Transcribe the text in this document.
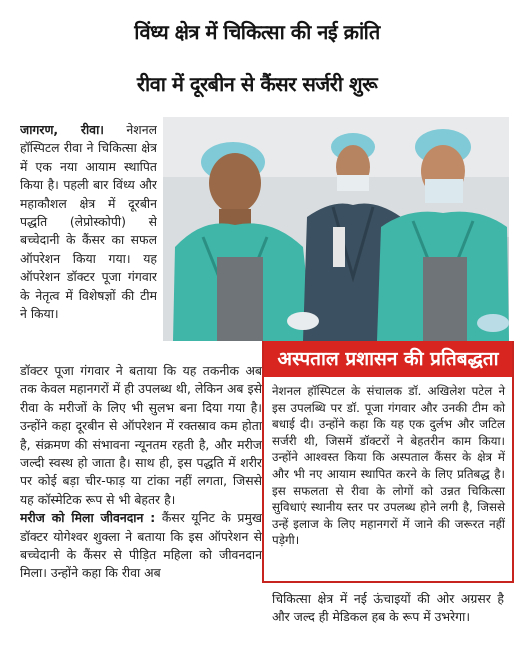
विंध्य क्षेत्र में चिकित्सा की नई क्रांति
रीवा में दूरबीन से कैंसर सर्जरी शुरू

जागरण, रीवा। नेशनल हॉस्पिटल रीवा ने चिकित्सा क्षेत्र में एक नया आयाम स्थापित किया है। पहली बार विंध्य और महाकौशल क्षेत्र में दूरबीन पद्धति (लेप्रोस्कोपी) से बच्चेदानी के कैंसर का सफल ऑपरेशन किया गया। यह ऑपरेशन डॉक्टर पूजा गंगवार के नेतृत्व में विशेषज्ञों की टीम ने किया।

अस्पताल प्रशासन की प्रतिबद्धता
नेशनल हॉस्पिटल के संचालक डॉ. अखिलेश पटेल ने इस उपलब्धि पर डॉ. पूजा गंगवार और उनकी टीम को बधाई दी। उन्होंने कहा कि यह एक दुर्लभ और जटिल सर्जरी थी, जिसमें डॉक्टरों ने बेहतरीन काम किया। उन्होंने आश्वस्त किया कि अस्पताल कैंसर के क्षेत्र में और भी नए आयाम स्थापित करने के लिए प्रतिबद्ध है। इस सफलता से रीवा के लोगों को उन्नत चिकित्सा सुविधाएं स्थानीय स्तर पर उपलब्ध होने लगी है, जिससे उन्हें इलाज के लिए महानगरों में जाने की जरूरत नहीं पड़ेगी।

डॉक्टर पूजा गंगवार ने बताया कि यह तकनीक अब तक केवल महानगरों में ही उपलब्ध थी, लेकिन अब इसे रीवा के मरीजों के लिए भी सुलभ बना दिया गया है। उन्होंने कहा दूरबीन से ऑपरेशन में रक्तस्राव कम होता है, संक्रमण की संभावना न्यूनतम रहती है, और मरीज जल्दी स्वस्थ हो जाता है। साथ ही, इस पद्धति में शरीर पर कोई बड़ा चीर-फाड़ या टांका नहीं लगता, जिससे यह कॉस्मेटिक रूप से भी बेहतर है।

मरीज को मिला जीवनदान : कैंसर यूनिट के प्रमुख डॉक्टर योगेश्वर शुक्ला ने बताया कि इस ऑपरेशन से बच्चेदानी के कैंसर से पीड़ित महिला को जीवनदान मिला। उन्होंने कहा कि रीवा अब

चिकित्सा क्षेत्र में नई ऊंचाइयों की ओर अग्रसर है और जल्द ही मेडिकल हब के रूप में उभरेगा।
